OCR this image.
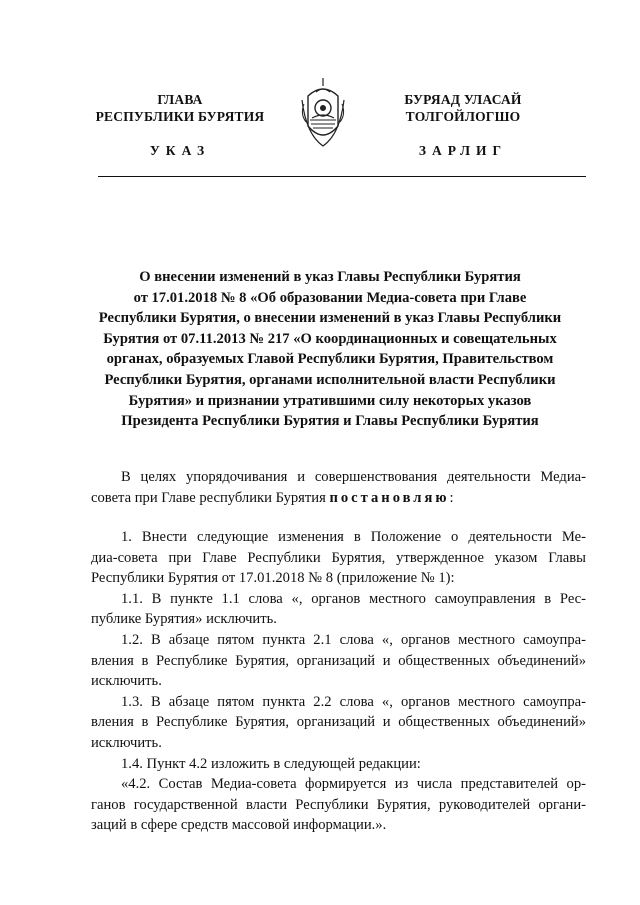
ГЛАВА
РЕСПУБЛИКИ БУРЯТИЯ
УКАЗ
БУРЯАД УЛАСАЙ
ТОЛГОЙЛОГШО
ЗАРЛИГ
О внесении изменений в указ Главы Республики Бурятия
от 17.01.2018 № 8 «Об образовании Медиа-совета при Главе
Республики Бурятия, о внесении изменений в указ Главы Республики
Бурятия от 07.11.2013 № 217 «О координационных и совещательных
органах, образуемых Главой Республики Бурятия, Правительством
Республики Бурятия, органами исполнительной власти Республики
Бурятия» и признании утратившими силу некоторых указов
Президента Республики Бурятия и Главы Республики Бурятия
В целях упорядочивания и совершенствования деятельности Медиа-
совета при Главе республики Бурятия постановляю:
1. Внести следующие изменения в Положение о деятельности Ме-
диа-совета при Главе Республики Бурятия, утвержденное указом Главы
Республики Бурятия от 17.01.2018 № 8 (приложение № 1):
1.1. В пункте 1.1 слова «, органов местного самоуправления в Рес-
публике Бурятия» исключить.
1.2. В абзаце пятом пункта 2.1 слова «, органов местного самоупра-
вления в Республике Бурятия, организаций и общественных объединений»
исключить.
1.3. В абзаце пятом пункта 2.2 слова «, органов местного самоупра-
вления в Республике Бурятия, организаций и общественных объединений»
исключить.
1.4. Пункт 4.2 изложить в следующей редакции:
«4.2. Состав Медиа-совета формируется из числа представителей ор-
ганов государственной власти Республики Бурятия, руководителей органи-
заций в сфере средств массовой информации.».
